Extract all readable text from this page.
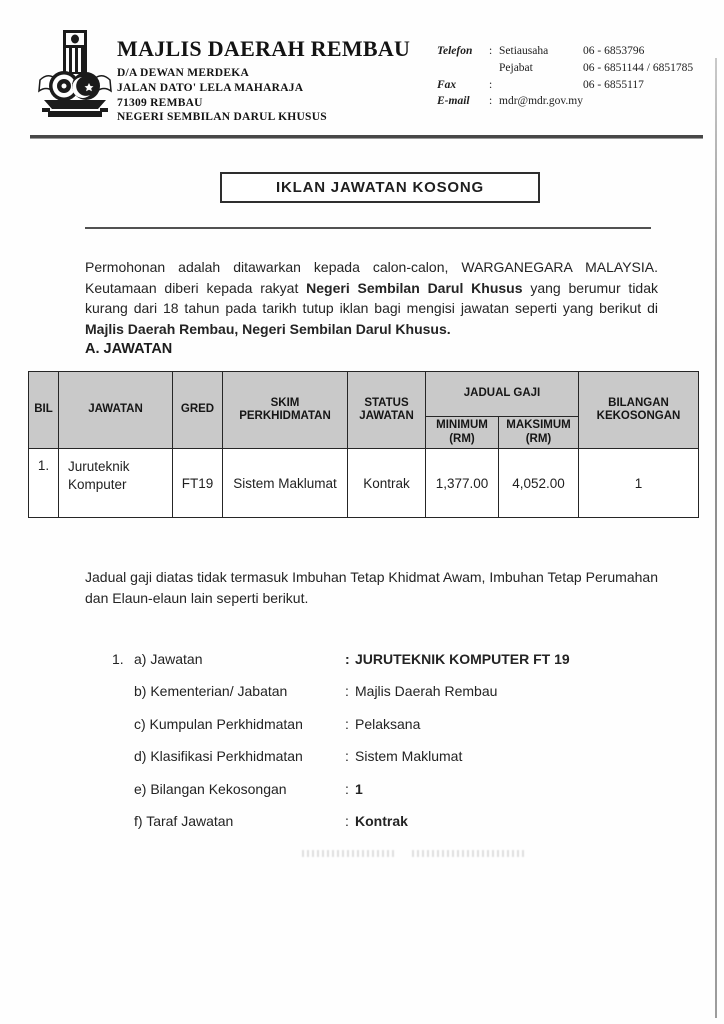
MAJLIS DAERAH REMBAU
D/A DEWAN MERDEKA
JALAN DATO' LELA MAHARAJA
71309 REMBAU
NEGERI SEMBILAN DARUL KHUSUS
Telefon	: Setiausaha	06 - 6853796
Pejabat	06 - 6851144 / 6851785
Fax	:	06 - 6855117
E-mail	: mdr@mdr.gov.my
IKLAN JAWATAN KOSONG

Permohonan adalah ditawarkan kepada calon-calon, WARGANEGARA MALAYSIA. Keutamaan diberi kepada rakyat Negeri Sembilan Darul Khusus yang berumur tidak kurang dari 18 tahun pada tarikh tutup iklan bagi mengisi jawatan seperti yang berikut di Majlis Daerah Rembau, Negeri Sembilan Darul Khusus.

A. JAWATAN
BIL	JAWATAN	GRED	SKIM PERKHIDMATAN	STATUS JAWATAN	JADUAL GAJI		BILANGAN KEKOSONGAN
					MINIMUM (RM)	MAKSIMUM (RM)	
1.	Juruteknik Komputer	FT19	Sistem Maklumat	Kontrak	1,377.00	4,052.00	1

Jadual gaji diatas tidak termasuk Imbuhan Tetap Khidmat Awam, Imbuhan Tetap Perumahan dan Elaun-elaun lain seperti berikut.

1. a) Jawatan	: JURUTEKNIK KOMPUTER FT 19
b) Kementerian/ Jabatan	: Majlis Daerah Rembau
c) Kumpulan Perkhidmatan	: Pelaksana
d) Klasifikasi Perkhidmatan	: Sistem Maklumat
e) Bilangan Kekosongan	: 1
f) Taraf Jawatan	: Kontrak
